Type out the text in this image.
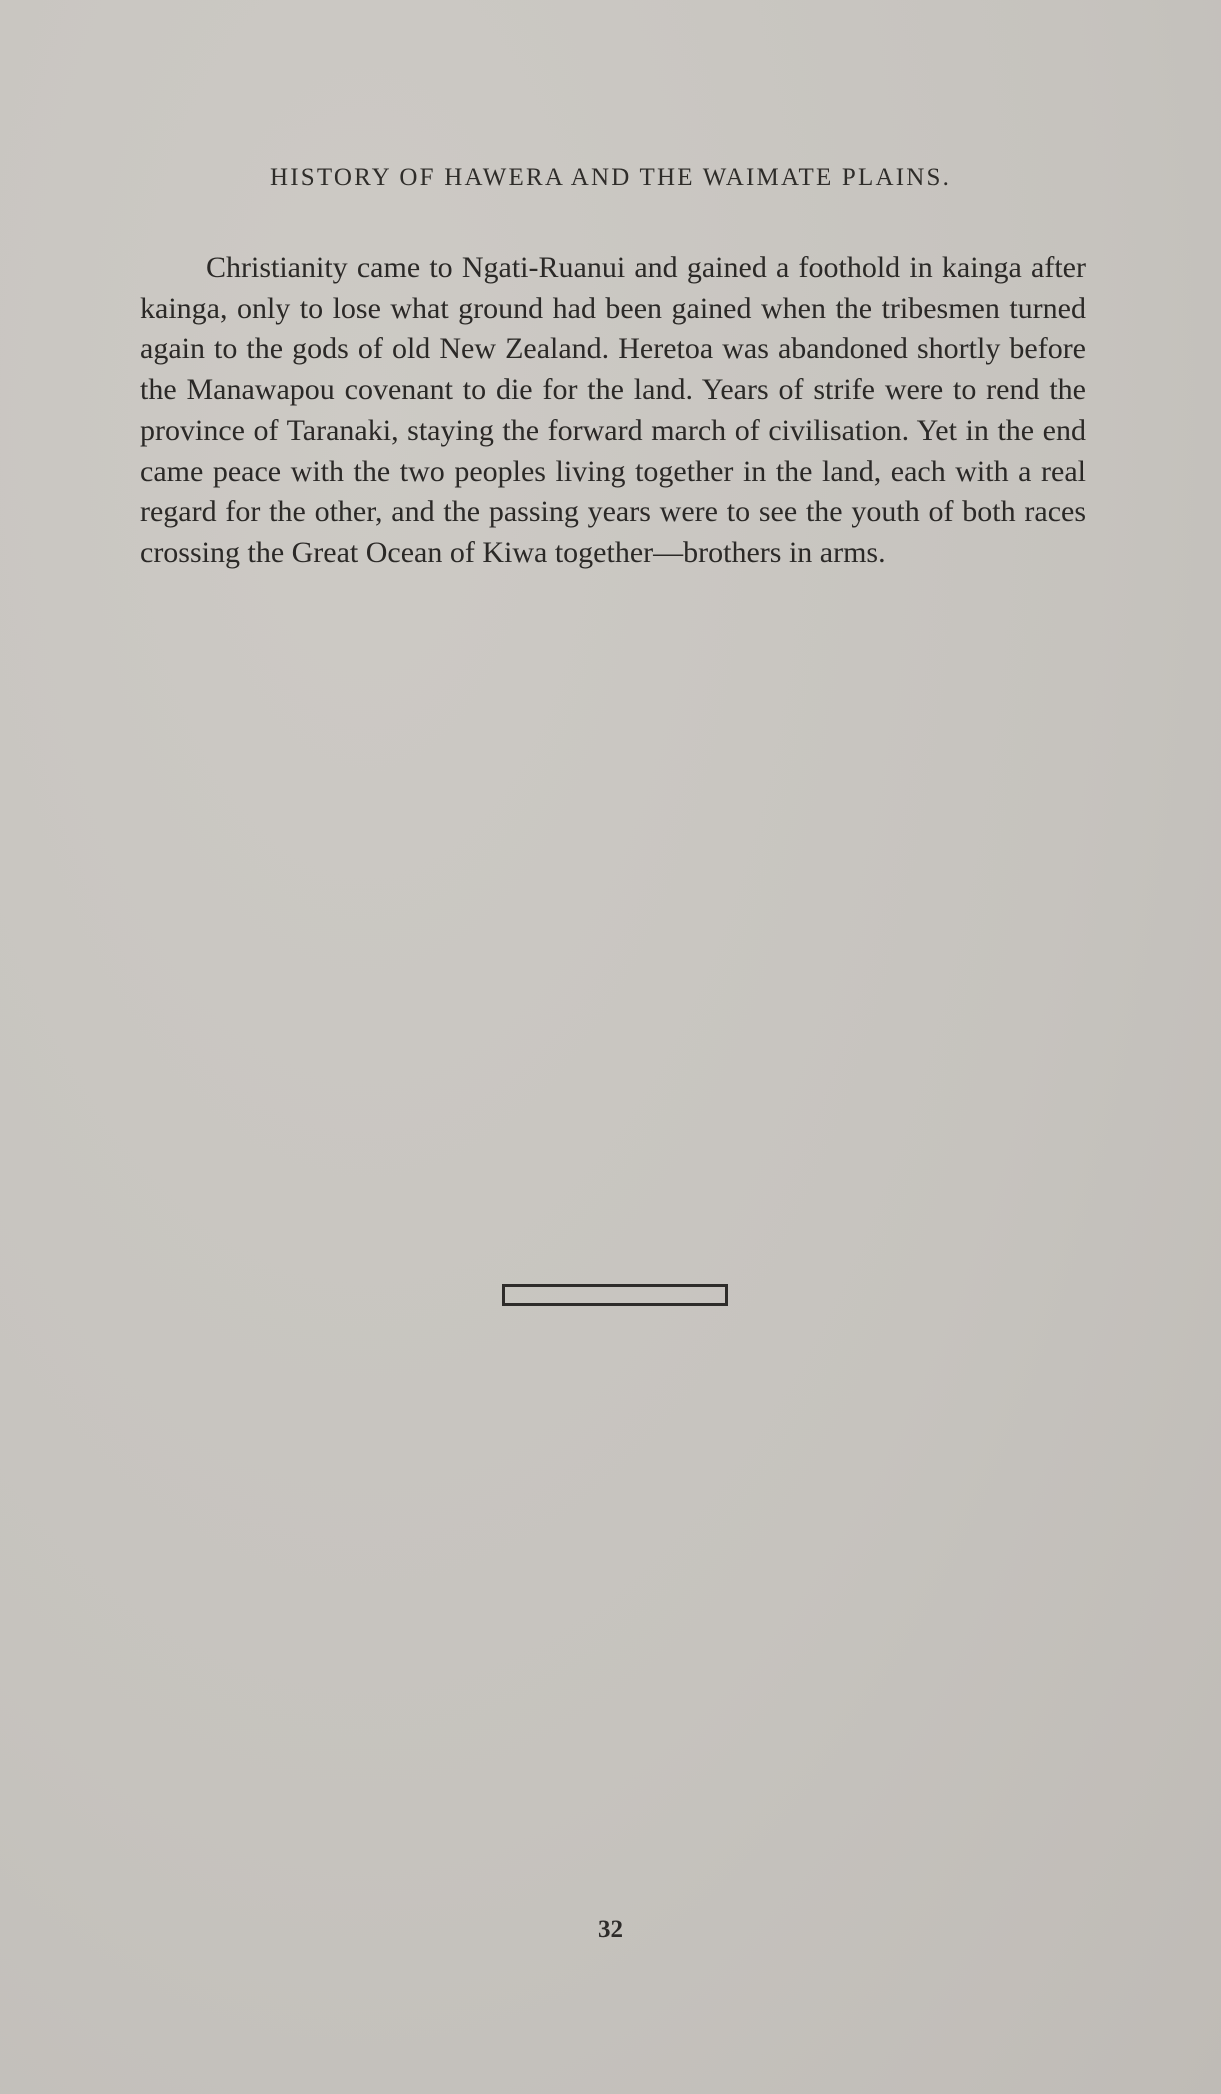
HISTORY OF HAWERA AND THE WAIMATE PLAINS.

Christianity came to Ngati-Ruanui and gained a foothold in kainga after kainga, only to lose what ground had been gained when the tribesmen turned again to the gods of old New Zealand. Heretoa was abandoned shortly before the Manawapou covenant to die for the land. Years of strife were to rend the province of Taranaki, staying the forward march of civilisation. Yet in the end came peace with the two peoples living together in the land, each with a real regard for the other, and the passing years were to see the youth of both races crossing the Great Ocean of Kiwa together—brothers in arms.

32
